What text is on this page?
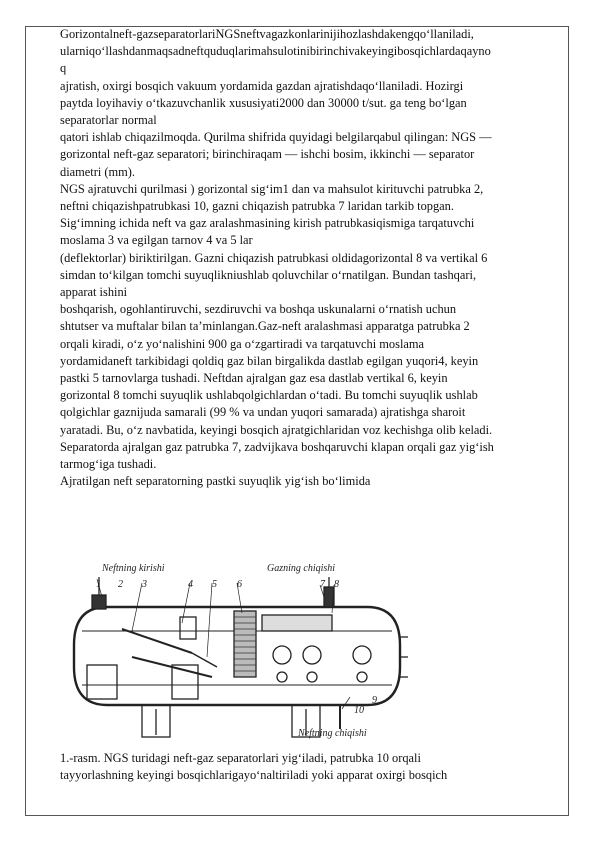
Gorizontalneft-gazseparatorlariNGSneftvagazkonlarinijihozlashdakengqo‘llaniladi,
ularniqo‘llashdanmaqsadneftquduqlarimahsulotinibirinchivakeyingibosqichlardaqayno
q
ajratish, oxirgi bosqich vakuum yordamida gazdan ajratishdaqo‘llaniladi. Hozirgi
paytda loyihaviy o‘tkazuvchanlik xususiyati2000 dan 30000 t/sut. ga teng bo‘lgan
separatorlar normal
qatori ishlab chiqazilmoqda. Qurilma shifrida quyidagi belgilarqabul qilingan: NGS —
gorizontal neft-gaz separatori; birinchiraqam — ishchi bosim, ikkinchi — separator
diametri (mm).
NGS ajratuvchi qurilmasi ) gorizontal sig‘im1 dan va mahsulot kirituvchi patrubka 2,
neftni chiqazishpatrubkasi 10, gazni chiqazish patrubka 7 laridan tarkib topgan.
Sig‘imning ichida neft va gaz aralashmasining kirish patrubkasiqismiga tarqatuvchi
moslama 3 va egilgan tarnov 4 va 5 lar
(deflektorlar) biriktirilgan. Gazni chiqazish patrubkasi oldidagorizontal 8 va vertikal 6
simdan to‘kilgan tomchi suyuqlikniushlab qoluvchilar o‘rnatilgan. Bundan tashqari,
apparat ishini
boshqarish, ogohlantiruvchi, sezdiruvchi va boshqa uskunalarni o‘rnatish uchun
shtutser va muftalar bilan ta’minlangan.Gaz-neft aralashmasi apparatga patrubka 2
orqali kiradi, o‘z yo‘nalishini 900 ga o‘zgartiradi va tarqatuvchi moslama
yordamidaneft tarkibidagi qoldiq gaz bilan birgalikda dastlab egilgan yuqori4, keyin
pastki 5 tarnovlarga tushadi. Neftdan ajralgan gaz esa dastlab vertikal 6, keyin
gorizontal 8 tomchi suyuqlik ushlabqolgichlardan o‘tadi. Bu tomchi suyuqlik ushlab
qolgichlar gaznijuda samarali (99 % va undan yuqori samarada) ajratishga sharoit
yaratadi. Bu, o‘z navbatida, keyingi bosqich ajratgichlaridan voz kechishga olib keladi.
Separatorda ajralgan gaz patrubka 7, zadvijkava boshqaruvchi klapan orqali gaz yig‘ish
tarmog‘iga tushadi.
Ajratilgan neft separatorning pastki suyuqlik yig‘ish bo‘limida
Neftning kirishi	Gazning chiqishi
Neftning chiqishi
1 2 3	4 5 6	7 8
9
10
1.-rasm. NGS turidagi neft-gaz separatorlari yig‘iladi, patrubka 10 orqali
tayyorlashning keyingi bosqichlarigayo‘naltiriladi yoki apparat oxirgi bosqich
